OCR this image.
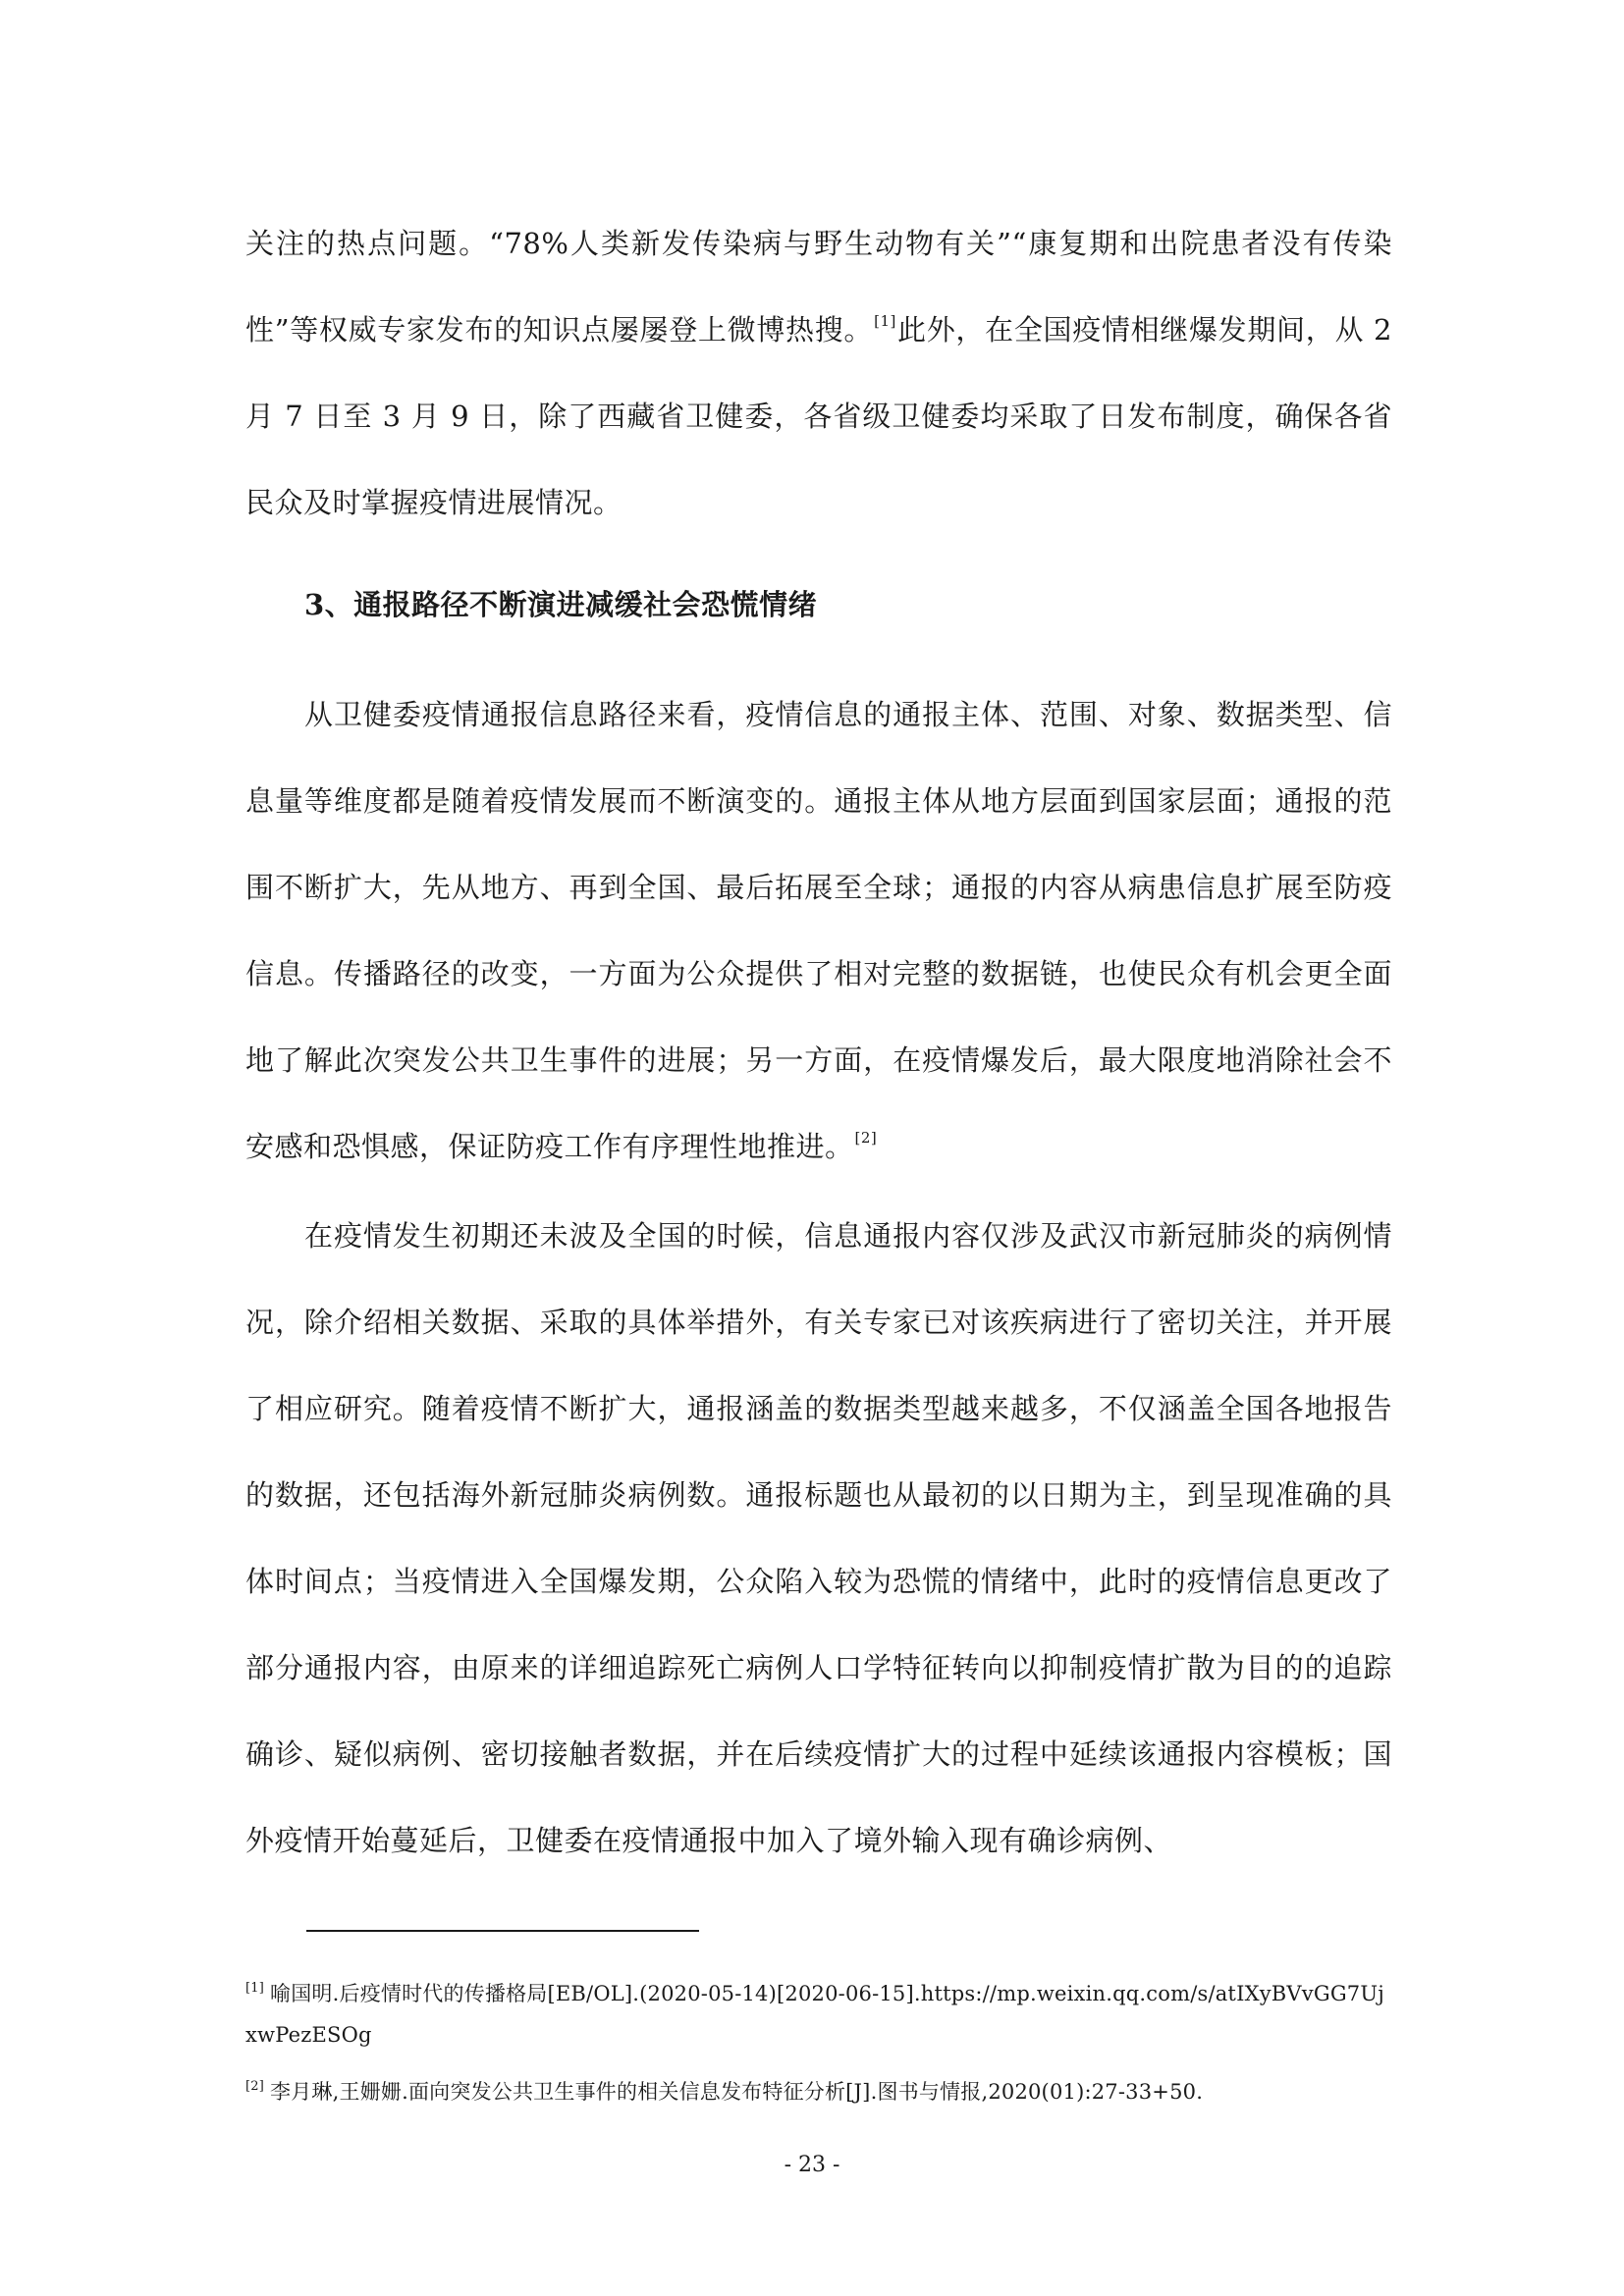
关注的热点问题。“78%人类新发传染病与野生动物有关”“康复期和出院患者没有传染性”等权威专家发布的知识点屡屡登上微博热搜。[1]此外，在全国疫情相继爆发期间，从 2 月 7 日至 3 月 9 日，除了西藏省卫健委，各省级卫健委均采取了日发布制度，确保各省民众及时掌握疫情进展情况。

3、通报路径不断演进减缓社会恐慌情绪

从卫健委疫情通报信息路径来看，疫情信息的通报主体、范围、对象、数据类型、信息量等维度都是随着疫情发展而不断演变的。通报主体从地方层面到国家层面；通报的范围不断扩大，先从地方、再到全国、最后拓展至全球；通报的内容从病患信息扩展至防疫信息。传播路径的改变，一方面为公众提供了相对完整的数据链，也使民众有机会更全面地了解此次突发公共卫生事件的进展；另一方面，在疫情爆发后，最大限度地消除社会不安感和恐惧感，保证防疫工作有序理性地推进。[2]

在疫情发生初期还未波及全国的时候，信息通报内容仅涉及武汉市新冠肺炎的病例情况，除介绍相关数据、采取的具体举措外，有关专家已对该疾病进行了密切关注，并开展了相应研究。随着疫情不断扩大，通报涵盖的数据类型越来越多，不仅涵盖全国各地报告的数据，还包括海外新冠肺炎病例数。通报标题也从最初的以日期为主，到呈现准确的具体时间点；当疫情进入全国爆发期，公众陷入较为恐慌的情绪中，此时的疫情信息更改了部分通报内容，由原来的详细追踪死亡病例人口学特征转向以抑制疫情扩散为目的的追踪确诊、疑似病例、密切接触者数据，并在后续疫情扩大的过程中延续该通报内容模板；国外疫情开始蔓延后，卫健委在疫情通报中加入了境外输入现有确诊病例、

[1] 喻国明.后疫情时代的传播格局[EB/OL].(2020-05-14)[2020-06-15].https://mp.weixin.qq.com/s/atIXyBVvGG7UjxwPezESOg

[2] 李月琳,王姗姗.面向突发公共卫生事件的相关信息发布特征分析[J].图书与情报,2020(01):27-33+50.

- 23 -
